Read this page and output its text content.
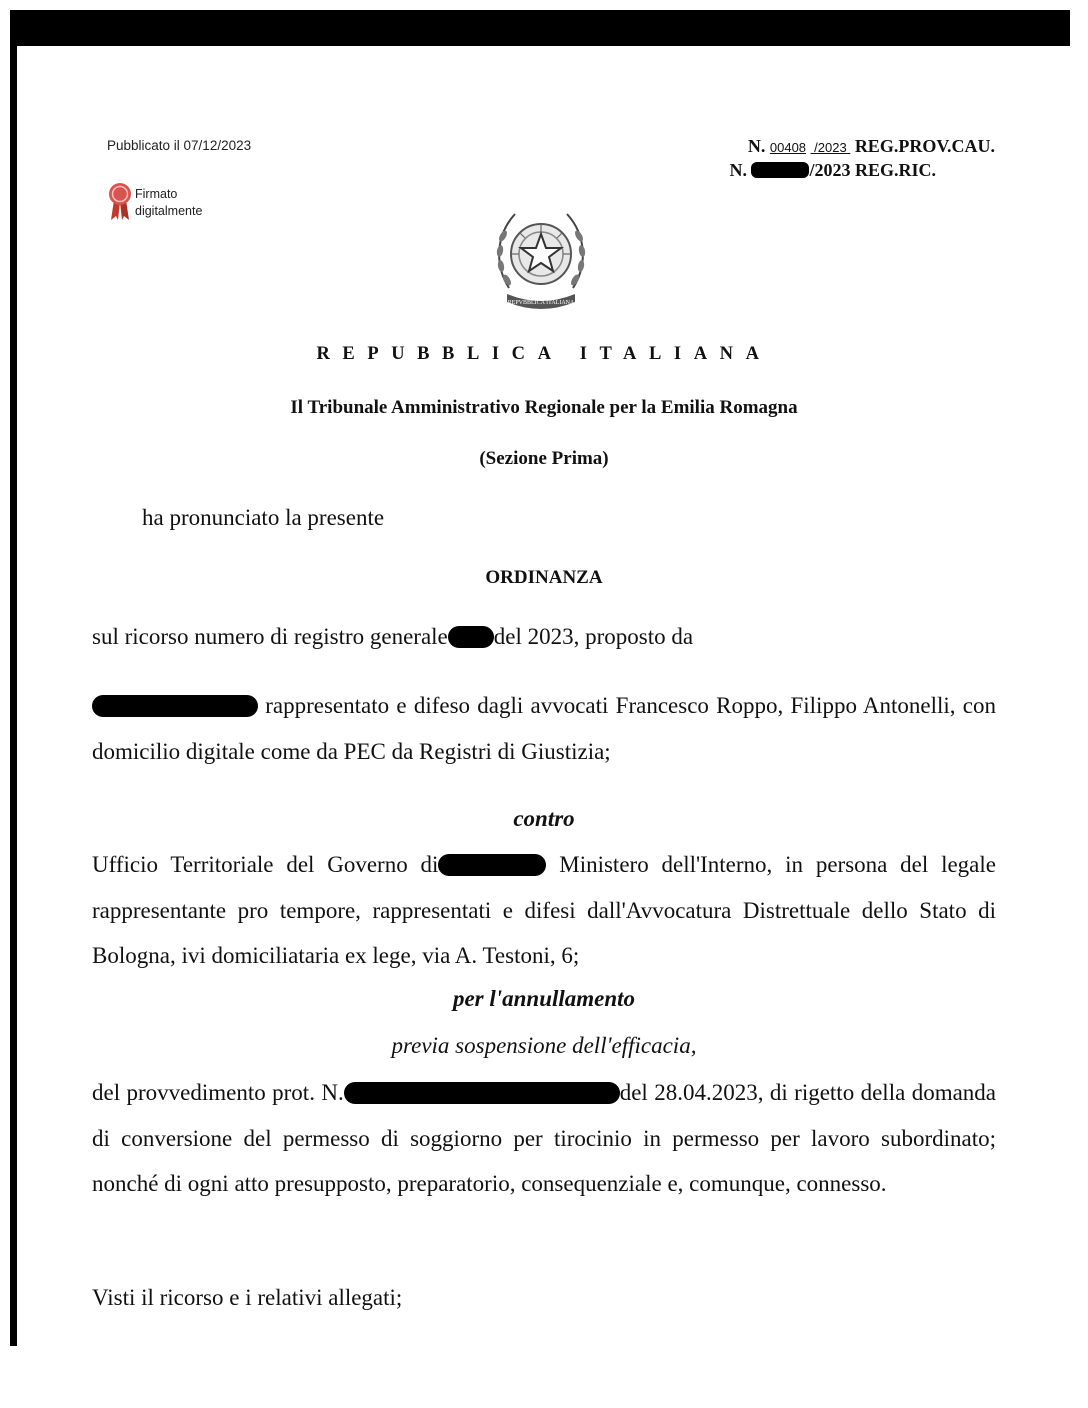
Pubblicato il 07/12/2023
Firmato digitalmente
N. 00408  /2023 REG.PROV.CAU.
N.	/2023 REG.RIC.
REPVBBLICA ITALIANA
REPUBBLICA ITALIANA
Il Tribunale Amministrativo Regionale per la Emilia Romagna
(Sezione Prima)
ha pronunciato la presente
ORDINANZA
sul ricorso numero di registro generale del 2023, proposto da
rappresentato e difeso dagli avvocati Francesco Roppo, Filippo Antonelli, con domicilio digitale come da PEC da Registri di Giustizia;
contro
Ufficio Territoriale del Governo di	Ministero dell'Interno, in persona del legale rappresentante pro tempore, rappresentati e difesi dall'Avvocatura Distrettuale dello Stato di Bologna, ivi domiciliataria ex lege, via A. Testoni, 6;
per l'annullamento
previa sospensione dell'efficacia,
del provvedimento prot. N.	del 28.04.2023, di rigetto della domanda di conversione del permesso di soggiorno per tirocinio in permesso per lavoro subordinato; nonché di ogni atto presupposto, preparatorio, consequenziale e, comunque, connesso.
Visti il ricorso e i relativi allegati;
